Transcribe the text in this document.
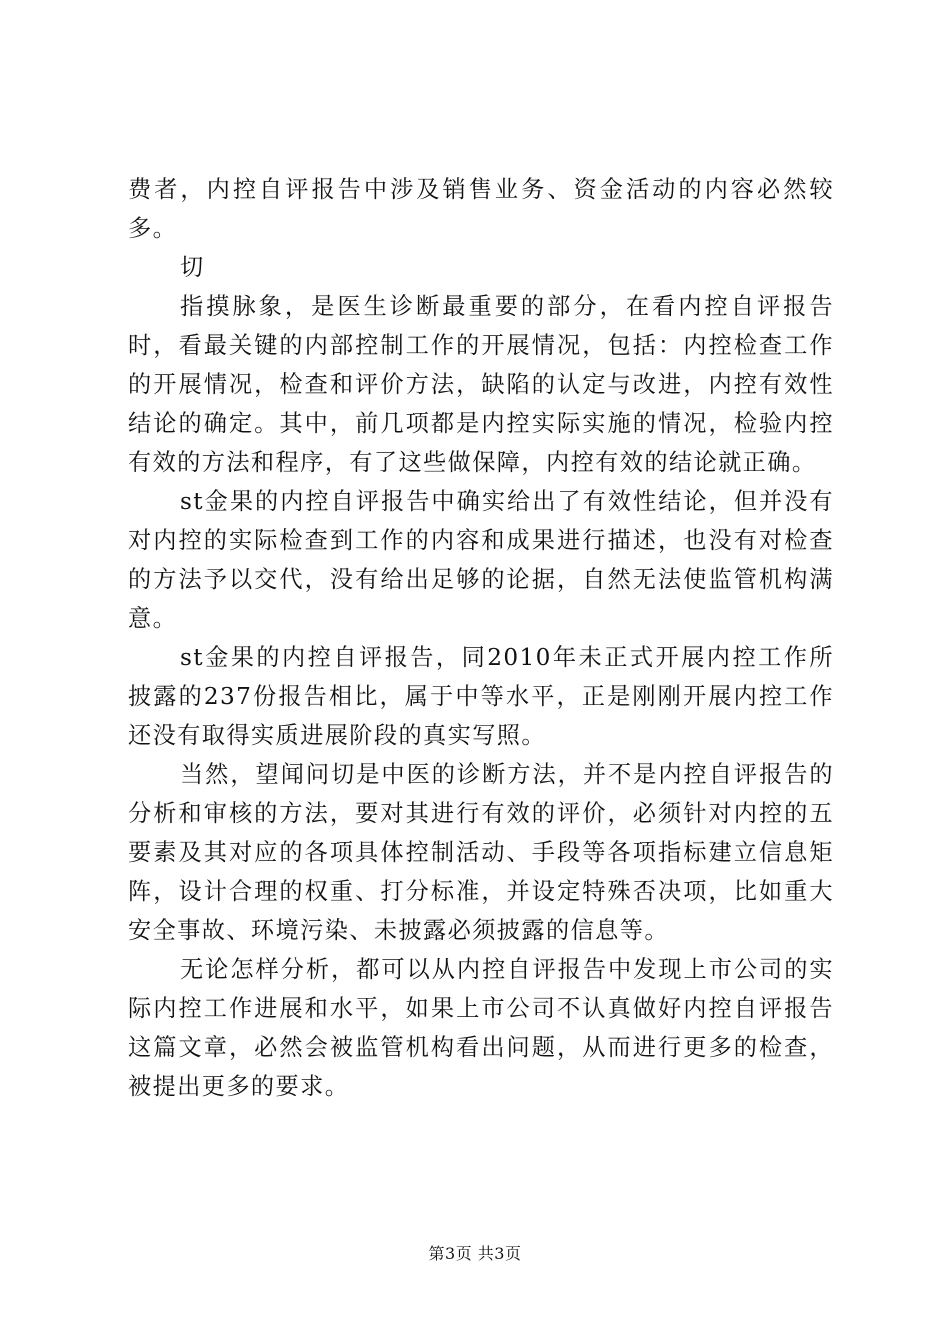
费者，内控自评报告中涉及销售业务、资金活动的内容必然较多。

切

指摸脉象，是医生诊断最重要的部分，在看内控自评报告时，看最关键的内部控制工作的开展情况，包括：内控检查工作的开展情况，检查和评价方法，缺陷的认定与改进，内控有效性结论的确定。其中，前几项都是内控实际实施的情况，检验内控有效的方法和程序，有了这些做保障，内控有效的结论就正确。

st金果的内控自评报告中确实给出了有效性结论，但并没有对内控的实际检查到工作的内容和成果进行描述，也没有对检查的方法予以交代，没有给出足够的论据，自然无法使监管机构满意。

st金果的内控自评报告，同2010年未正式开展内控工作所披露的237份报告相比，属于中等水平，正是刚刚开展内控工作还没有取得实质进展阶段的真实写照。

当然，望闻问切是中医的诊断方法，并不是内控自评报告的分析和审核的方法，要对其进行有效的评价，必须针对内控的五要素及其对应的各项具体控制活动、手段等各项指标建立信息矩阵，设计合理的权重、打分标准，并设定特殊否决项，比如重大安全事故、环境污染、未披露必须披露的信息等。

无论怎样分析，都可以从内控自评报告中发现上市公司的实际内控工作进展和水平，如果上市公司不认真做好内控自评报告这篇文章，必然会被监管机构看出问题，从而进行更多的检查，被提出更多的要求。

第3页 共3页
